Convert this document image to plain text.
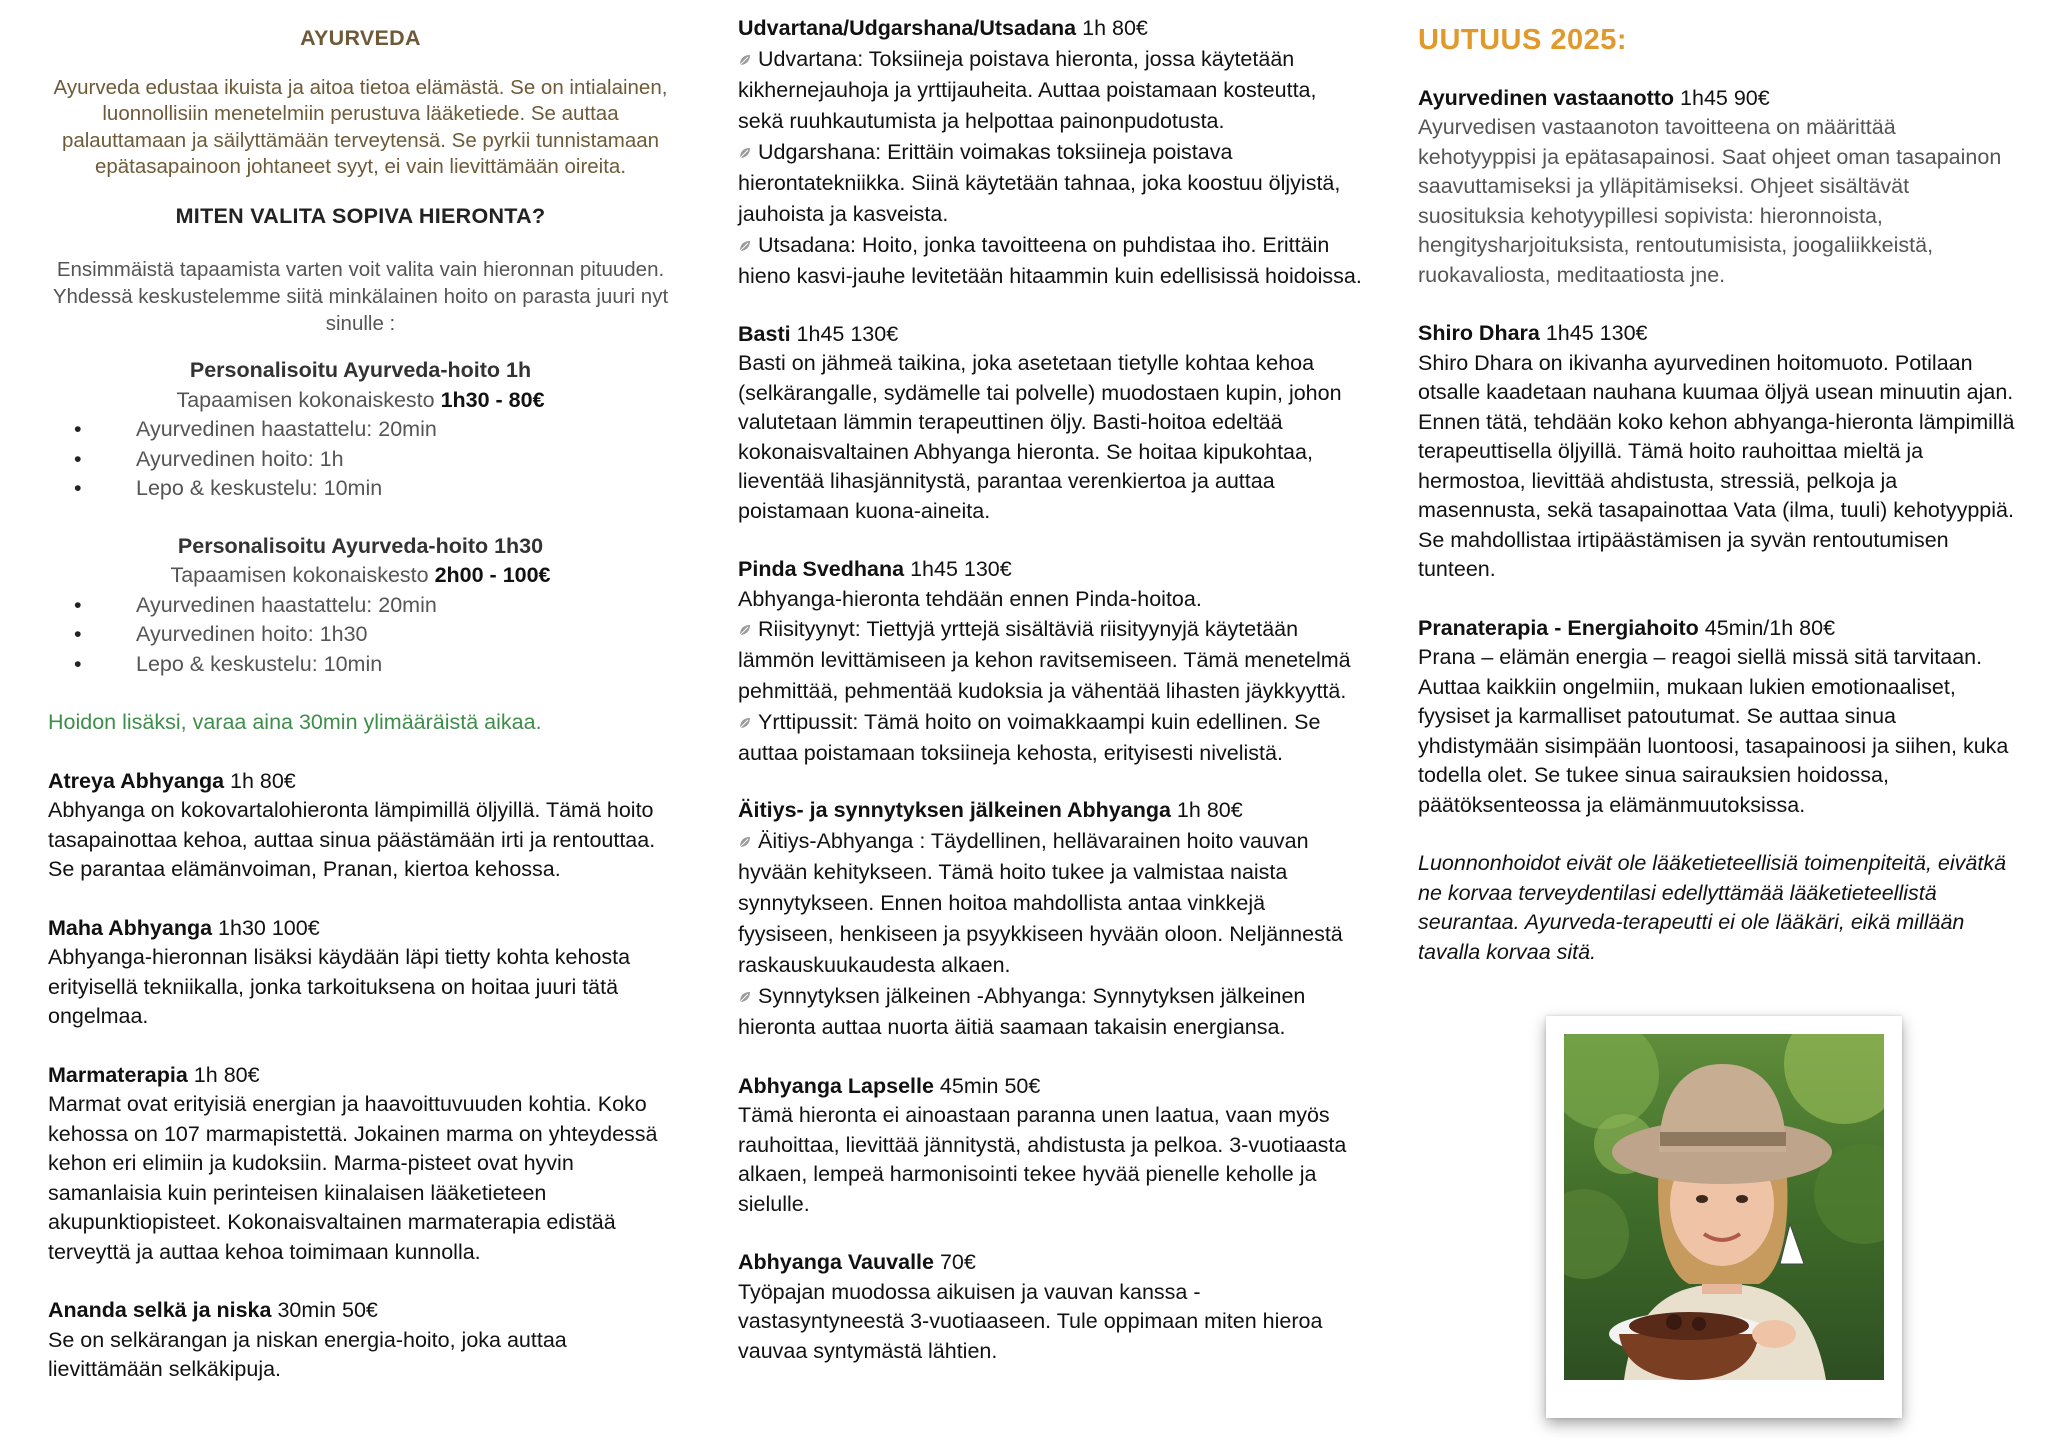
AYURVEDA

Ayurveda edustaa ikuista ja aitoa tietoa elämästä. Se on intialainen, luonnollisiin menetelmiin perustuva lääketiede. Se auttaa palauttamaan ja säilyttämään terveytensä. Se pyrkii tunnistamaan epätasapainoon johtaneet syyt, ei vain lievittämään oireita.

MITEN VALITA SOPIVA HIERONTA?

Ensimmäistä tapaamista varten voit valita vain hieronnan pituuden. Yhdessä keskustelemme siitä minkälainen hoito on parasta juuri nyt sinulle :

Personalisoitu Ayurveda-hoito 1h
Tapaamisen kokonaiskesto 1h30 - 80€
• Ayurvedinen haastattelu: 20min
• Ayurvedinen hoito: 1h
• Lepo & keskustelu: 10min
Personalisoitu Ayurveda-hoito 1h30
Tapaamisen kokonaiskesto 2h00 - 100€
• Ayurvedinen haastattelu: 20min
• Ayurvedinen hoito: 1h30
• Lepo & keskustelu: 10min
Hoidon lisäksi, varaa aina 30min ylimääräistä aikaa.
Atreya Abhyanga 1h 80€

Abhyanga on kokovartalohieronta lämpimillä öljyillä. Tämä hoito tasapainottaa kehoa, auttaa sinua päästämään irti ja rentouttaa. Se parantaa elämänvoiman, Pranan, kiertoa kehossa.

Maha Abhyanga 1h30 100€

Abhyanga-hieronnan lisäksi käydään läpi tietty kohta kehosta erityisellä tekniikalla, jonka tarkoituksena on hoitaa juuri tätä ongelmaa.

Marmaterapia 1h 80€

Marmat ovat erityisiä energian ja haavoittuvuuden kohtia. Koko kehossa on 107 marmapistettä. Jokainen marma on yhteydessä kehon eri elimiin ja kudoksiin. Marma-pisteet ovat hyvin samanlaisia kuin perinteisen kiinalaisen lääketieteen akupunktiopisteet. Kokonaisvaltainen marmaterapia edistää terveyttä ja auttaa kehoa toimimaan kunnolla.

Ananda selkä ja niska 30min 50€

Se on selkärangan ja niskan energia-hoito, joka auttaa lievittämään selkäkipuja.

Udvartana/Udgarshana/Utsadana 1h 80€

Udvartana: Toksiineja poistava hieronta, jossa käytetään kikhernejauhoja ja yrttijauheita. Auttaa poistamaan kosteutta, sekä ruuhkautumista ja helpottaa painonpudotusta.

Udgarshana: Erittäin voimakas toksiineja poistava hierontatekniikka. Siinä käytetään tahnaa, joka koostuu öljyistä, jauhoista ja kasveista.

Utsadana: Hoito, jonka tavoitteena on puhdistaa iho. Erittäin hieno kasvi-jauhe levitetään hitaammin kuin edellisissä hoidoissa.

Basti 1h45 130€

Basti on jähmeä taikina, joka asetetaan tietylle kohtaa kehoa (selkärangalle, sydämelle tai polvelle) muodostaen kupin, johon valutetaan lämmin terapeuttinen öljy. Basti-hoitoa edeltää kokonaisvaltainen Abhyanga hieronta. Se hoitaa kipukohtaa, lieventää lihasjännitystä, parantaa verenkiertoa ja auttaa poistamaan kuona-aineita.

Pinda Svedhana 1h45 130€

Abhyanga-hieronta tehdään ennen Pinda-hoitoa.

Riisityynyt: Tiettyjä yrttejä sisältäviä riisityynyjä käytetään lämmön levittämiseen ja kehon ravitsemiseen. Tämä menetelmä pehmittää, pehmentää kudoksia ja vähentää lihasten jäykkyyttä.

Yrttipussit: Tämä hoito on voimakkaampi kuin edellinen. Se auttaa poistamaan toksiineja kehosta, erityisesti nivelistä.

Äitiys- ja synnytyksen jälkeinen Abhyanga 1h 80€

Äitiys-Abhyanga : Täydellinen, hellävarainen hoito vauvan hyvään kehitykseen. Tämä hoito tukee ja valmistaa naista synnytykseen. Ennen hoitoa mahdollista antaa vinkkejä fyysiseen, henkiseen ja psyykkiseen hyvään oloon. Neljännestä raskauskuukaudesta alkaen.

Synnytyksen jälkeinen -Abhyanga: Synnytyksen jälkeinen hieronta auttaa nuorta äitiä saamaan takaisin energiansa.

Abhyanga Lapselle 45min 50€

Tämä hieronta ei ainoastaan paranna unen laatua, vaan myös rauhoittaa, lievittää jännitystä, ahdistusta ja pelkoa. 3-vuotiaasta alkaen, lempeä harmonisointi tekee hyvää pienelle keholle ja sielulle.

Abhyanga Vauvalle 70€

Työpajan muodossa aikuisen ja vauvan kanssa - vastasyntyneestä 3-vuotiaaseen. Tule oppimaan miten hieroa vauvaa syntymästä lähtien.

UUTUUS 2025:
Ayurvedinen vastaanotto 1h45 90€

Ayurvedisen vastaanoton tavoitteena on määrittää kehotyyppisi ja epätasapainosi. Saat ohjeet oman tasapainon saavuttamiseksi ja ylläpitämiseksi. Ohjeet sisältävät suosituksia kehotyypillesi sopivista: hieronnoista, hengitysharjoituksista, rentoutumisista, joogaliikkeistä, ruokavaliosta, meditaatiosta jne.

Shiro Dhara 1h45 130€

Shiro Dhara on ikivanha ayurvedinen hoitomuoto. Potilaan otsalle kaadetaan nauhana kuumaa öljyä usean minuutin ajan. Ennen tätä, tehdään koko kehon abhyanga-hieronta lämpimillä terapeuttisella öljyillä. Tämä hoito rauhoittaa mieltä ja hermostoa, lievittää ahdistusta, stressiä, pelkoja ja masennusta, sekä tasapainottaa Vata (ilma, tuuli) kehotyyppiä. Se mahdollistaa irtipäästämisen ja syvän rentoutumisen tunteen.

Pranaterapia - Energiahoito 45min/1h 80€

Prana – elämän energia – reagoi siellä missä sitä tarvitaan. Auttaa kaikkiin ongelmiin, mukaan lukien emotionaaliset, fyysiset ja karmalliset patoutumat. Se auttaa sinua yhdistymään sisimpään luontoosi, tasapainoosi ja siihen, kuka todella olet. Se tukee sinua sairauksien hoidossa, päätöksenteossa ja elämänmuutoksissa.

Luonnonhoidot eivät ole lääketieteellisiä toimenpiteitä, eivätkä ne korvaa terveydentilasi edellyttämää lääketieteellistä seurantaa. Ayurveda-terapeutti ei ole lääkäri, eikä millään tavalla korvaa sitä.
